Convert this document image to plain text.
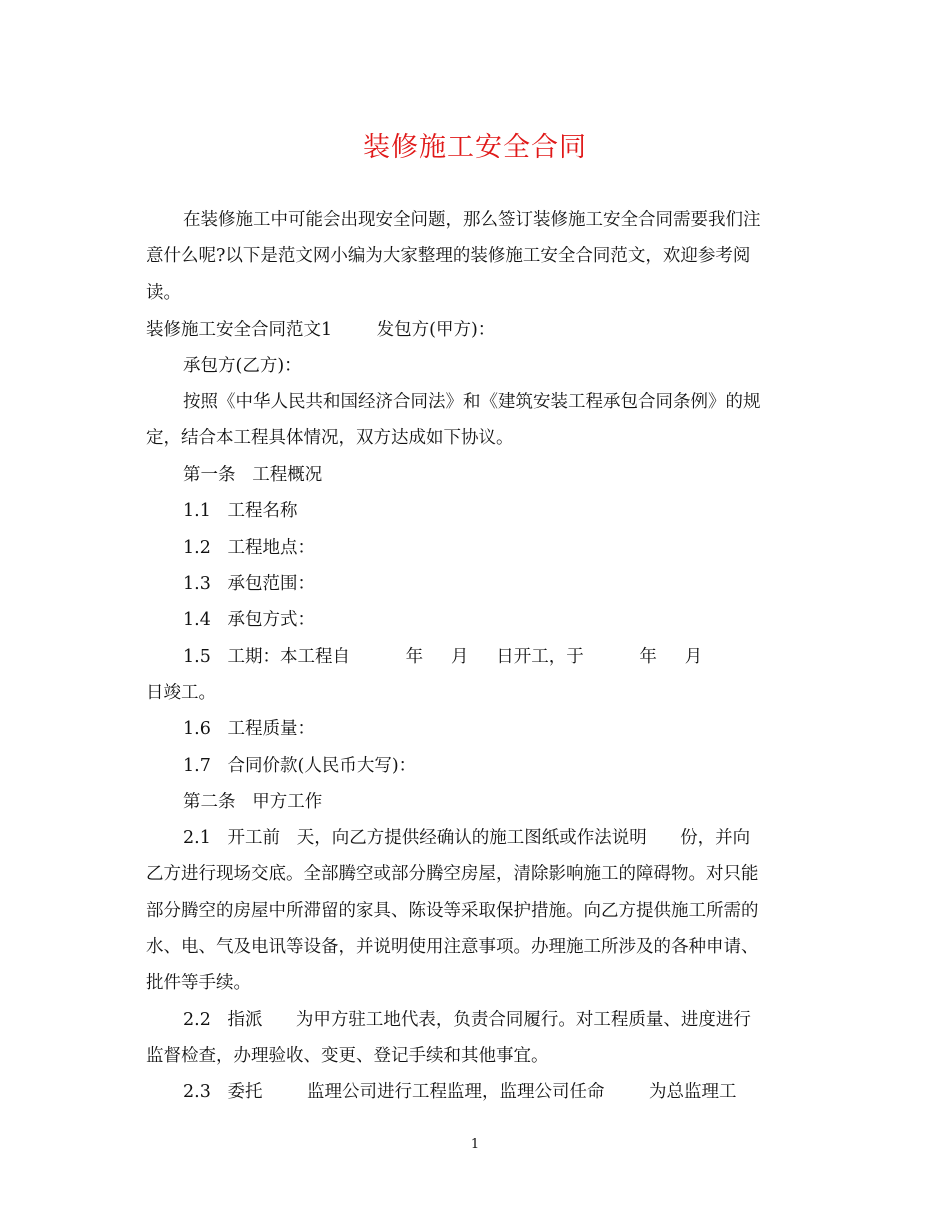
装修施工安全合同
在装修施工中可能会出现安全问题，那么签订装修施工安全合同需要我们注
意什么呢?以下是范文网小编为大家整理的装修施工安全合同范文，欢迎参考阅
读。
装修施工安全合同范文1        发包方(甲方)：
承包方(乙方)：
按照《中华人民共和国经济合同法》和《建筑安装工程承包合同条例》的规
定，结合本工程具体情况，双方达成如下协议。
第一条   工程概况
1.1   工程名称
1.2   工程地点：
1.3   承包范围：
1.4   承包方式：
1.5   工期：本工程自          年     月     日开工，于          年     月
日竣工。
1.6   工程质量：
1.7   合同价款(人民币大写)：
第二条   甲方工作
2.1   开工前   天，向乙方提供经确认的施工图纸或作法说明      份，并向
乙方进行现场交底。全部腾空或部分腾空房屋，清除影响施工的障碍物。对只能
部分腾空的房屋中所滞留的家具、陈设等采取保护措施。向乙方提供施工所需的
水、电、气及电讯等设备，并说明使用注意事项。办理施工所涉及的各种申请、
批件等手续。
2.2   指派      为甲方驻工地代表，负责合同履行。对工程质量、进度进行
监督检查，办理验收、变更、登记手续和其他事宜。
2.3   委托        监理公司进行工程监理，监理公司任命        为总监理工
1
